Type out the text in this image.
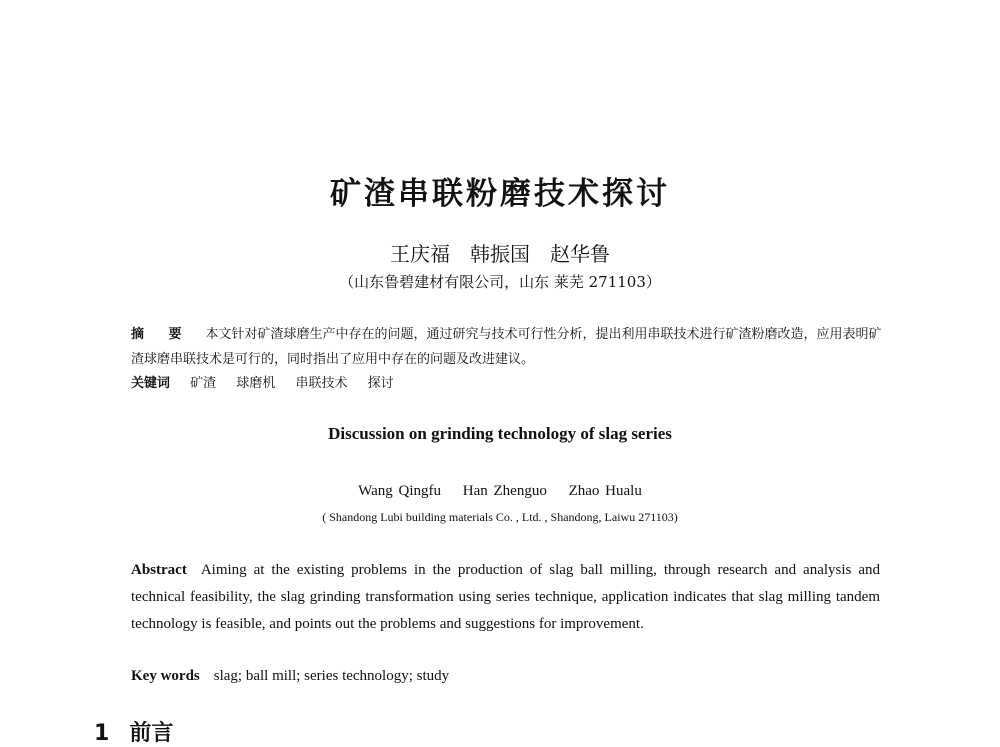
矿渣串联粉磨技术探讨
王庆福　韩振国　赵华鲁
（山东鲁碧建材有限公司，山东 莱芜 271103）
摘 要 本文针对矿渣球磨生产中存在的问题，通过研究与技术可行性分析，提出利用串联技术进行矿渣粉磨改造，应用表明矿渣球磨串联技术是可行的，同时指出了应用中存在的问题及改进建议。
关键词 矿渣 球磨机 串联技术 探讨
Discussion on grinding technology of slag series
Wang Qingfu Han Zhenguo Zhao Hualu
( Shandong Lubi building materials Co. , Ltd. , Shandong, Laiwu 271103)
Abstract Aiming at the existing problems in the production of slag ball milling, through research and analysis and technical feasibility, the slag grinding transformation using series technique, application indicates that slag milling tandem technology is feasible, and points out the problems and suggestions for improvement.
Key words slag; ball mill; series technology; study
1 前言
